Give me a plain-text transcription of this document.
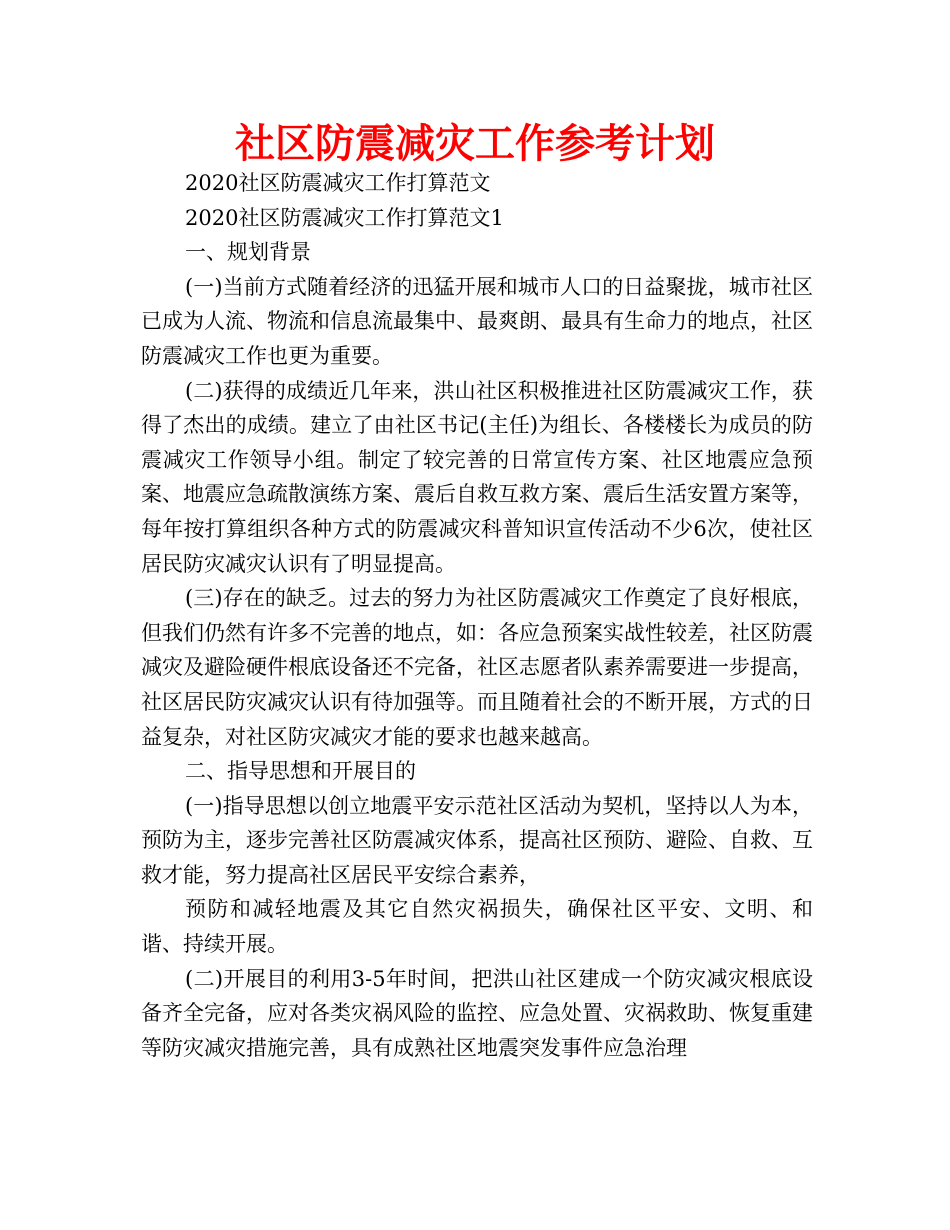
社区防震减灾工作参考计划

2020社区防震减灾工作打算范文

2020社区防震减灾工作打算范文1

一、规划背景

(一)当前方式随着经济的迅猛开展和城市人口的日益聚拢，城市社区已成为人流、物流和信息流最集中、最爽朗、最具有生命力的地点，社区防震减灾工作也更为重要。

(二)获得的成绩近几年来，洪山社区积极推进社区防震减灾工作，获得了杰出的成绩。建立了由社区书记(主任)为组长、各楼楼长为成员的防震减灾工作领导小组。制定了较完善的日常宣传方案、社区地震应急预案、地震应急疏散演练方案、震后自救互救方案、震后生活安置方案等，每年按打算组织各种方式的防震减灾科普知识宣传活动不少6次，使社区居民防灾减灾认识有了明显提高。

(三)存在的缺乏。过去的努力为社区防震减灾工作奠定了良好根底，但我们仍然有许多不完善的地点，如：各应急预案实战性较差，社区防震减灾及避险硬件根底设备还不完备，社区志愿者队素养需要进一步提高，社区居民防灾减灾认识有待加强等。而且随着社会的不断开展，方式的日益复杂，对社区防灾减灾才能的要求也越来越高。

二、指导思想和开展目的

(一)指导思想以创立地震平安示范社区活动为契机，坚持以人为本，预防为主，逐步完善社区防震减灾体系，提高社区预防、避险、自救、互救才能，努力提高社区居民平安综合素养，

预防和减轻地震及其它自然灾祸损失，确保社区平安、文明、和谐、持续开展。

(二)开展目的利用3-5年时间，把洪山社区建成一个防灾减灾根底设备齐全完备，应对各类灾祸风险的监控、应急处置、灾祸救助、恢复重建等防灾减灾措施完善，具有成熟社区地震突发事件应急治理
